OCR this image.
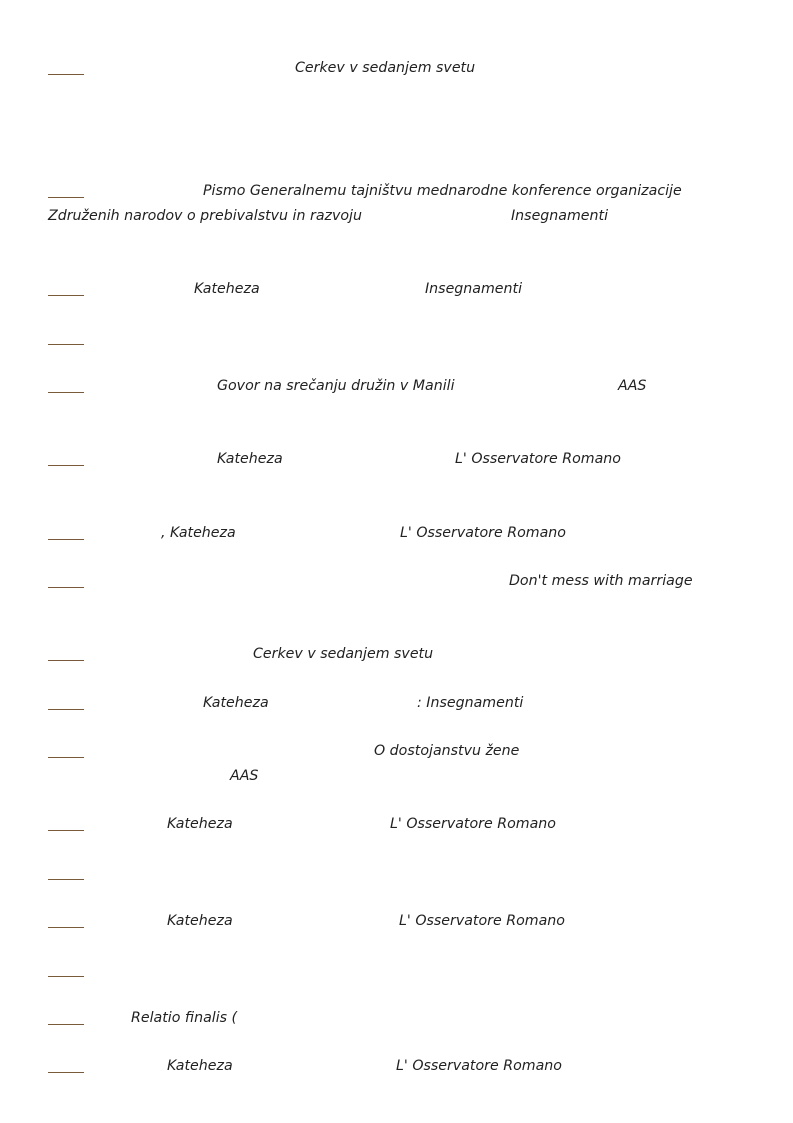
Cerkev v sedanjem svetu
Pismo Generalnemu tajništvu mednarodne konference organizacije
Združenih narodov o prebivalstvu in razvoju	Insegnamenti
Kateheza	Insegnamenti
Govor na srečanju družin v Manili	AAS
Kateheza	L' Osservatore Romano
, Kateheza	L' Osservatore Romano
Don't mess with marriage
Cerkev v sedanjem svetu
Kateheza	: Insegnamenti
O dostojanstvu žene
AAS
Kateheza	L' Osservatore Romano
Kateheza	L' Osservatore Romano
Relatio finalis (
Kateheza	L' Osservatore Romano
